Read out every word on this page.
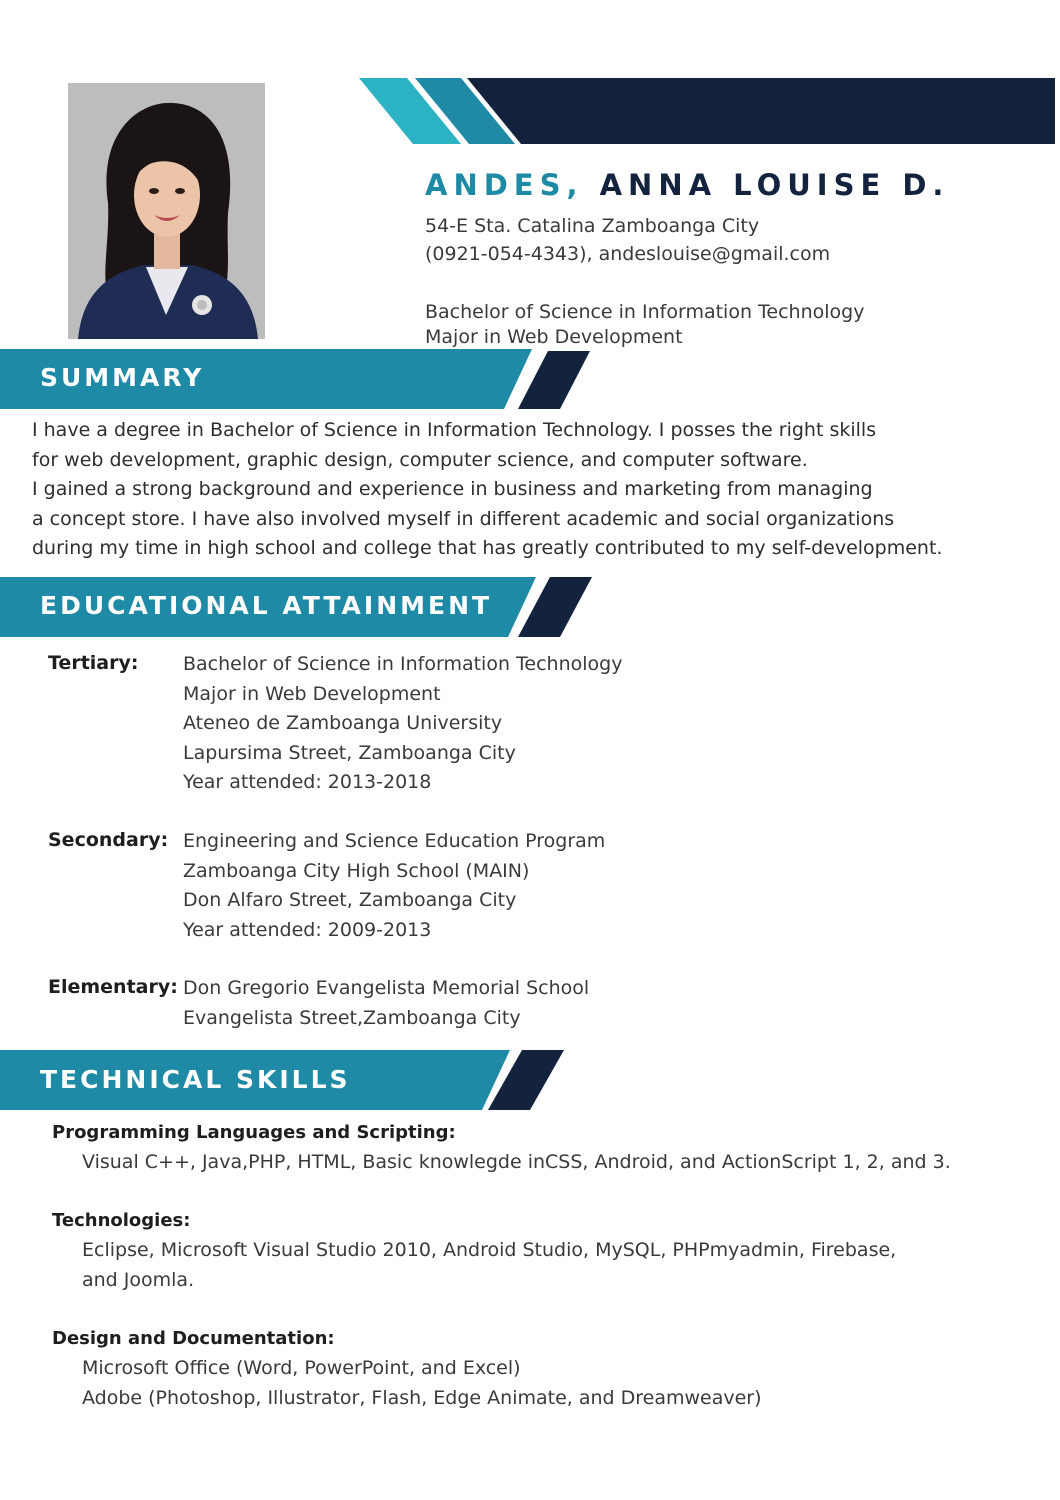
ANDES, ANNA LOUISE D.
54-E Sta. Catalina Zamboanga City
(0921-054-4343), andeslouise@gmail.com
Bachelor of Science in Information Technology
Major in Web Development
SUMMARY

I have a degree in Bachelor of Science in Information Technology. I posses the right skills

for web development, graphic design, computer science, and computer software.

I gained a strong background and experience in business and marketing from managing

a concept store. I have also involved myself in different academic and social organizations

during my time in high school and college that has greatly contributed to my self-development.

EDUCATIONAL ATTAINMENT
Tertiary: Bachelor of Science in Information Technology
Major in Web Development
Ateneo de Zamboanga University
Lapursima Street, Zamboanga City
Year attended: 2013-2018
Secondary: Engineering and Science Education Program
Zamboanga City High School (MAIN)
Don Alfaro Street, Zamboanga City
Year attended: 2009-2013
Elementary: Don Gregorio Evangelista Memorial School
Evangelista Street,Zamboanga City
TECHNICAL SKILLS
Programming Languages and Scripting:
Visual C++, Java,PHP, HTML, Basic knowlegde inCSS, Android, and ActionScript 1, 2, and 3.
Technologies:
Eclipse, Microsoft Visual Studio 2010, Android Studio, MySQL, PHPmyadmin, Firebase,
and Joomla.
Design and Documentation:
Microsoft Office (Word, PowerPoint, and Excel)
Adobe (Photoshop, Illustrator, Flash, Edge Animate, and Dreamweaver)
